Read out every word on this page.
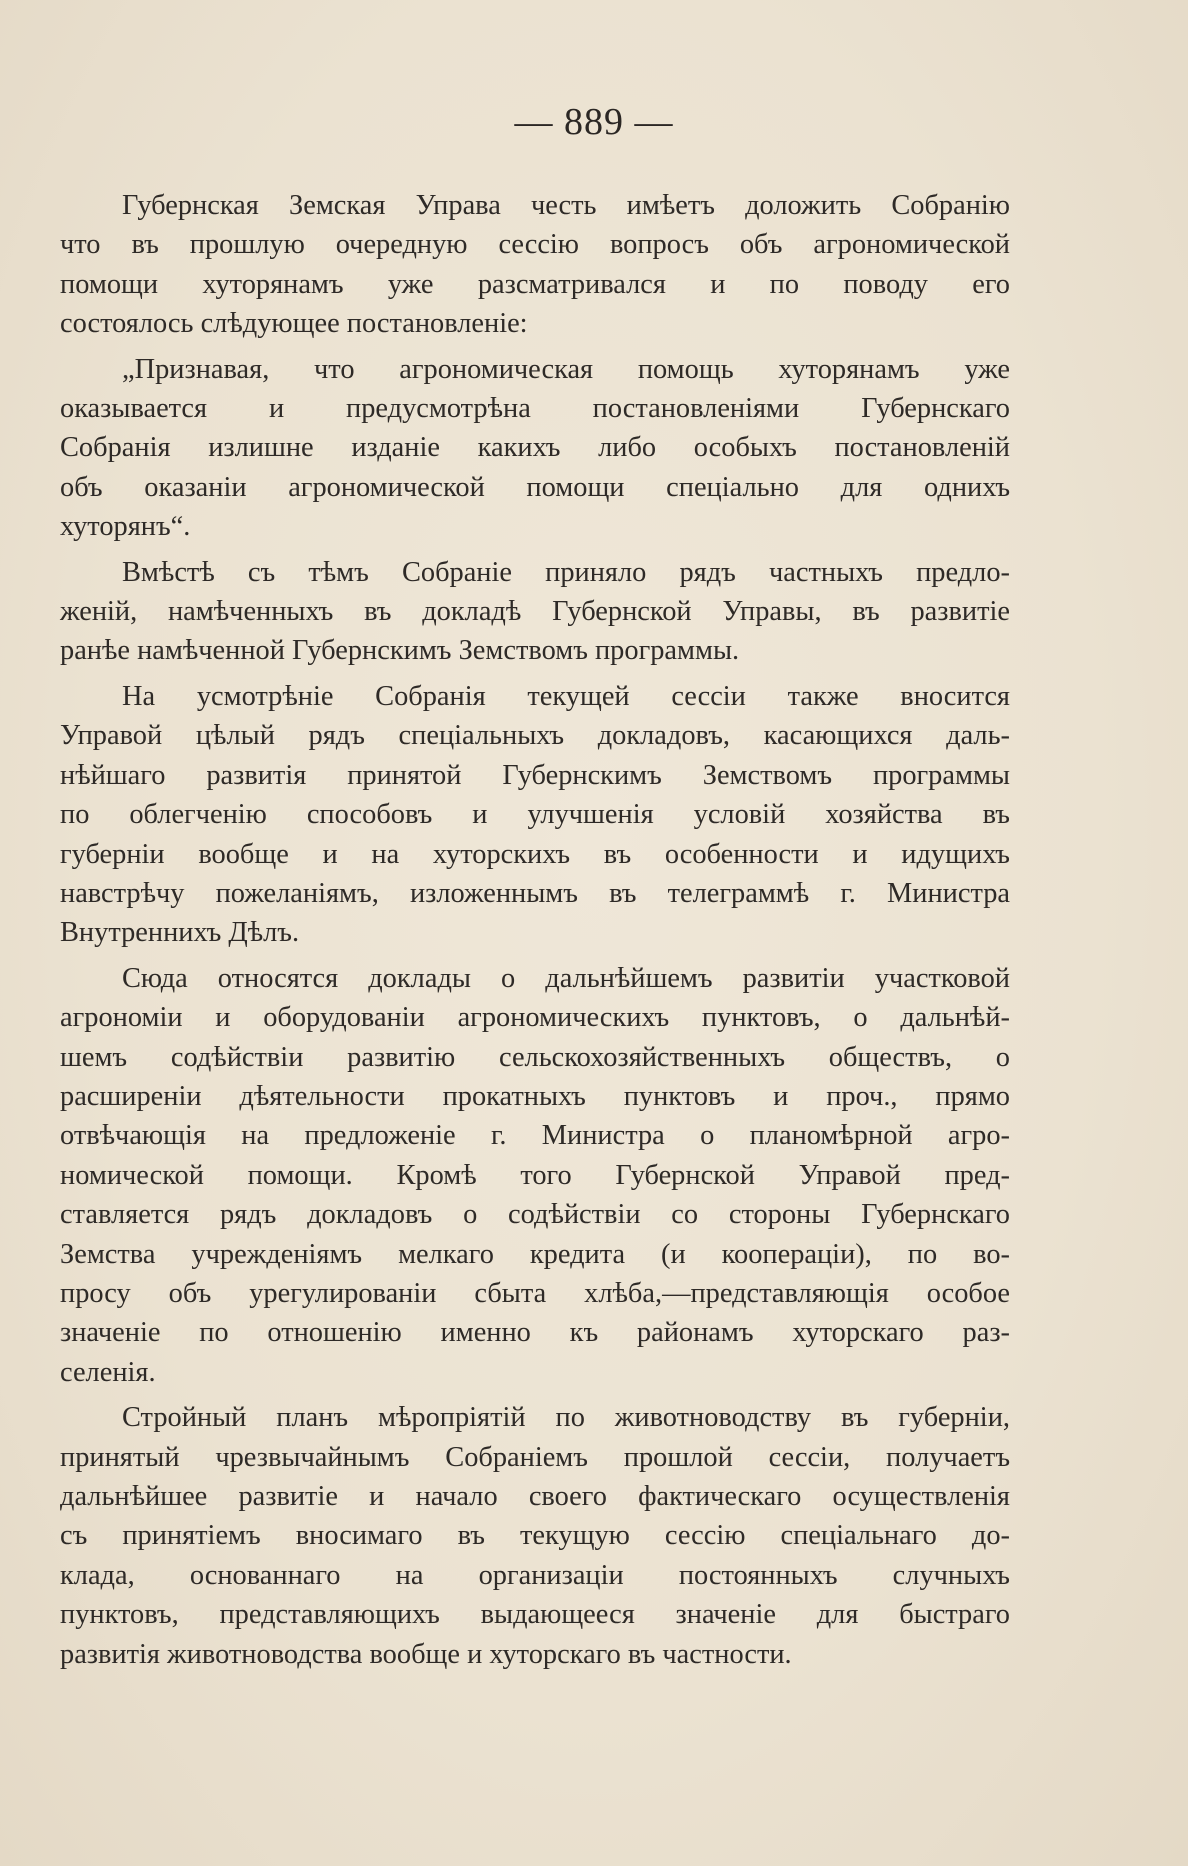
— 889 —
Губернская Земская Управа честь имѣетъ доложить Собранію
что въ прошлую очередную сессію вопросъ объ агрономической
помощи хуторянамъ уже разсматривался и по поводу его
состоялось слѣдующее постановленіе:
„Признавая, что агрономическая помощь хуторянамъ уже
оказывается и предусмотрѣна постановленіями Губернскаго
Собранія излишне изданіе какихъ либо особыхъ постановленій
объ оказаніи агрономической помощи спеціально для однихъ
хуторянъ“.
Вмѣстѣ съ тѣмъ Собраніе приняло рядъ частныхъ предло-
женій, намѣченныхъ въ докладѣ Губернской Управы, въ развитіе
ранѣе намѣченной Губернскимъ Земствомъ программы.
На усмотрѣніе Собранія текущей сессіи также вносится
Управой цѣлый рядъ спеціальныхъ докладовъ, касающихся даль-
нѣйшаго развитія принятой Губернскимъ Земствомъ программы
по облегченію способовъ и улучшенія условій хозяйства въ
губерніи вообще и на хуторскихъ въ особенности и идущихъ
навстрѣчу пожеланіямъ, изложеннымъ въ телеграммѣ г. Министра
Внутреннихъ Дѣлъ.
Сюда относятся доклады о дальнѣйшемъ развитіи участковой
агрономіи и оборудованіи агрономическихъ пунктовъ, о дальнѣй-
шемъ содѣйствіи развитію сельскохозяйственныхъ обществъ, о
расширеніи дѣятельности прокатныхъ пунктовъ и проч., прямо
отвѣчающія на предложеніе г. Министра о планомѣрной агро-
номической помощи. Кромѣ того Губернской Управой пред-
ставляется рядъ докладовъ о содѣйствіи со стороны Губернскаго
Земства учрежденіямъ мелкаго кредита (и коопераціи), по во-
просу объ урегулированіи сбыта хлѣба,—представляющія особое
значеніе по отношенію именно къ районамъ хуторскаго раз-
селенія.
Стройный планъ мѣропріятій по животноводству въ губерніи,
принятый чрезвычайнымъ Собраніемъ прошлой сессіи, получаетъ
дальнѣйшее развитіе и начало своего фактическаго осуществленія
съ принятіемъ вносимаго въ текущую сессію спеціальнаго до-
клада, основаннаго на организаціи постоянныхъ случныхъ
пунктовъ, представляющихъ выдающееся значеніе для быстраго
развитія животноводства вообще и хуторскаго въ частности.
